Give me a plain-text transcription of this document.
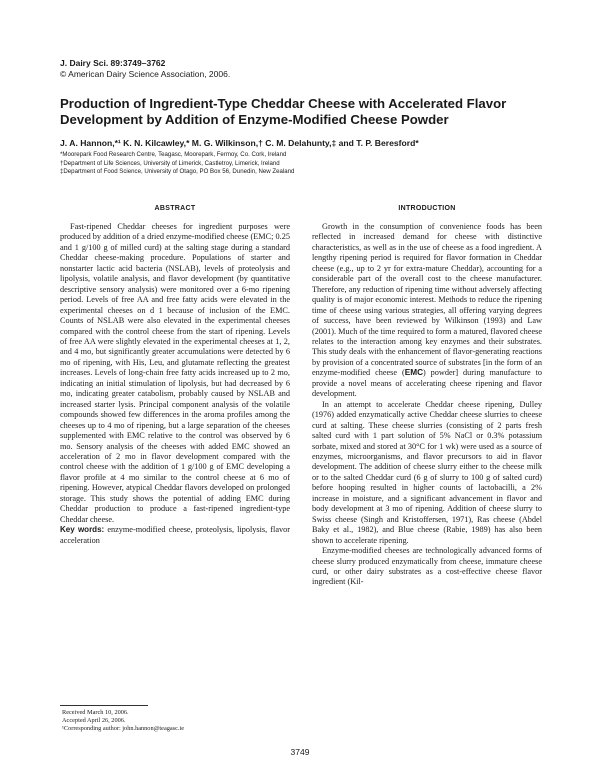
J. Dairy Sci. 89:3749–3762
© American Dairy Science Association, 2006.
Production of Ingredient-Type Cheddar Cheese with Accelerated Flavor Development by Addition of Enzyme-Modified Cheese Powder

J. A. Hannon,*¹ K. N. Kilcawley,* M. G. Wilkinson,† C. M. Delahunty,‡ and T. P. Beresford*

*Moorepark Food Research Centre, Teagasc, Moorepark, Fermoy, Co. Cork, Ireland
†Department of Life Sciences, University of Limerick, Castletroy, Limerick, Ireland
‡Department of Food Science, University of Otago, PO Box 56, Dunedin, New Zealand
ABSTRACT

Fast-ripened Cheddar cheeses for ingredient purposes were produced by addition of a dried enzyme-modified cheese (EMC; 0.25 and 1 g/100 g of milled curd) at the salting stage during a standard Cheddar cheese-making procedure. Populations of starter and nonstarter lactic acid bacteria (NSLAB), levels of proteolysis and lipolysis, volatile analysis, and flavor development (by quantitative descriptive sensory analysis) were monitored over a 6-mo ripening period. Levels of free AA and free fatty acids were elevated in the experimental cheeses on d 1 because of inclusion of the EMC. Counts of NSLAB were also elevated in the experimental cheeses compared with the control cheese from the start of ripening. Levels of free AA were slightly elevated in the experimental cheeses at 1, 2, and 4 mo, but significantly greater accumulations were detected by 6 mo of ripening, with His, Leu, and glutamate reflecting the greatest increases. Levels of long-chain free fatty acids increased up to 2 mo, indicating an initial stimulation of lipolysis, but had decreased by 6 mo, indicating greater catabolism, probably caused by NSLAB and increased starter lysis. Principal component analysis of the volatile compounds showed few differences in the aroma profiles among the cheeses up to 4 mo of ripening, but a large separation of the cheeses supplemented with EMC relative to the control was observed by 6 mo. Sensory analysis of the cheeses with added EMC showed an acceleration of 2 mo in flavor development compared with the control cheese with the addition of 1 g/100 g of EMC developing a flavor profile at 4 mo similar to the control cheese at 6 mo of ripening. However, atypical Cheddar flavors developed on prolonged storage. This study shows the potential of adding EMC during Cheddar production to produce a fast-ripened ingredient-type Cheddar cheese.

Key words: enzyme-modified cheese, proteolysis, lipolysis, flavor acceleration

INTRODUCTION

Growth in the consumption of convenience foods has been reflected in increased demand for cheese with distinctive characteristics, as well as in the use of cheese as a food ingredient. A lengthy ripening period is required for flavor formation in Cheddar cheese (e.g., up to 2 yr for extra-mature Cheddar), accounting for a considerable part of the overall cost to the cheese manufacturer. Therefore, any reduction of ripening time without adversely affecting quality is of major economic interest. Methods to reduce the ripening time of cheese using various strategies, all offering varying degrees of success, have been reviewed by Wilkinson (1993) and Law (2001). Much of the time required to form a matured, flavored cheese relates to the interaction among key enzymes and their substrates. This study deals with the enhancement of flavor-generating reactions by provision of a concentrated source of substrates [in the form of an enzyme-modified cheese (EMC) powder] during manufacture to provide a novel means of accelerating cheese ripening and flavor development.

In an attempt to accelerate Cheddar cheese ripening, Dulley (1976) added enzymatically active Cheddar cheese slurries to cheese curd at salting. These cheese slurries (consisting of 2 parts fresh salted curd with 1 part solution of 5% NaCl or 0.3% potassium sorbate, mixed and stored at 30°C for 1 wk) were used as a source of enzymes, microorganisms, and flavor precursors to aid in flavor development. The addition of cheese slurry either to the cheese milk or to the salted Cheddar curd (6 g of slurry to 100 g of salted curd) before hooping resulted in higher counts of lactobacilli, a 2% increase in moisture, and a significant advancement in flavor and body development at 3 mo of ripening. Addition of cheese slurry to Swiss cheese (Singh and Kristoffersen, 1971), Ras cheese (Abdel Baky et al., 1982), and Blue cheese (Rabie, 1989) has also been shown to accelerate ripening.

Enzyme-modified cheeses are technologically advanced forms of cheese slurry produced enzymatically from cheese, immature cheese curd, or other dairy substrates as a cost-effective cheese flavor ingredient (Kil-

Received March 10, 2006.
Accepted April 26, 2006.
¹Corresponding author: john.hannon@teagasc.ie
3749
